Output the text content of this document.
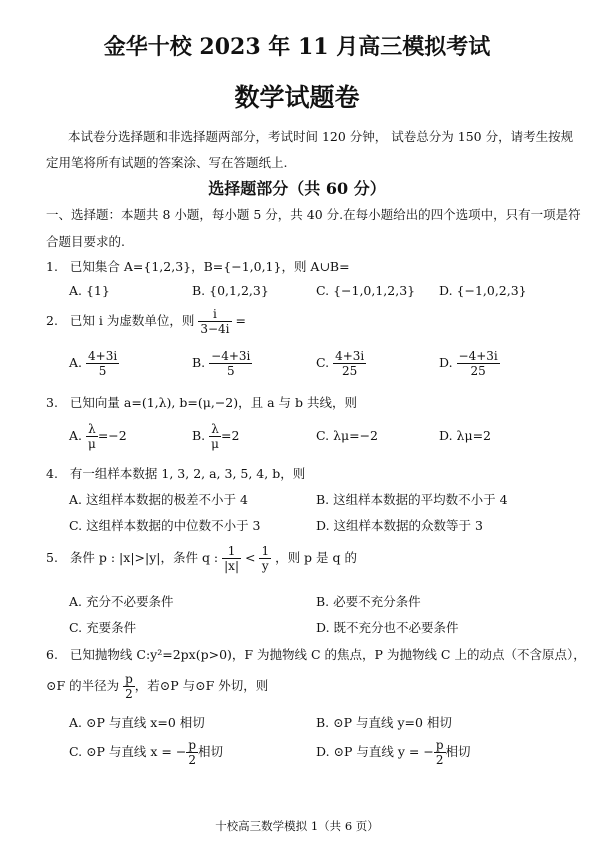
金华十校 2023 年 11 月高三模拟考试
数学试题卷
本试卷分选择题和非选择题两部分，考试时间 120 分钟， 试卷总分为 150 分，请考生按规
定用笔将所有试题的答案涂、写在答题纸上.
选择题部分（共 60 分）
一、选择题：本题共 8 小题，每小题 5 分，共 40 分.在每小题给出的四个选项中，只有一项是符
合题目要求的.
1. 已知集合 A={1,2,3}，B={−1,0,1}，则 A∪B=
A. {1}	B. {0,1,2,3}	C. {−1,0,1,2,3} D. {−1,0,2,3}
2. 已知 i 为虚数单位，则 $\frac{i}{3-4i}$ =
A. $\frac{4+3i}{5}$	B. $\frac{-4+3i}{5}$	C. $\frac{4+3i}{25}$	D. $\frac{-4+3i}{25}$
3. 已知向量 a=(1,λ), b=(μ,−2)，且 a 与 b 共线，则
A. $\frac{\lambda}{\mu} =-2$	B. $\frac{\lambda}{\mu} =2$	C. λμ=−2	D. λμ=2
4. 有一组样本数据 1, 3, 2, a, 3, 5, 4, b，则
A. 这组样本数据的极差不小于 4	B. 这组样本数据的平均数不小于 4
C. 这组样本数据的中位数不小于 3	D. 这组样本数据的众数等于 3
5. 条件 p : |x|>|y|，条件 q : $\frac{1}{|x|} < \frac{1}{y}$ ，则 p 是 q 的
A. 充分不必要条件	B. 必要不充分条件
C. 充要条件	D. 既不充分也不必要条件
6. 已知抛物线 C:y²=2px(p>0)，F 为抛物线 C 的焦点，P 为抛物线 C 上的动点（不含原点），
⊙F 的半径为 $\frac{p}{2}$ ，若⊙P 与⊙F 外切，则
A. ⊙P 与直线 x=0 相切	B. ⊙P 与直线 y=0 相切
C. ⊙P 与直线 x = − $\frac{p}{2}$ 相切	D. ⊙P 与直线 y = − $\frac{p}{2}$ 相切
十校高三数学模拟 1（共 6 页）
